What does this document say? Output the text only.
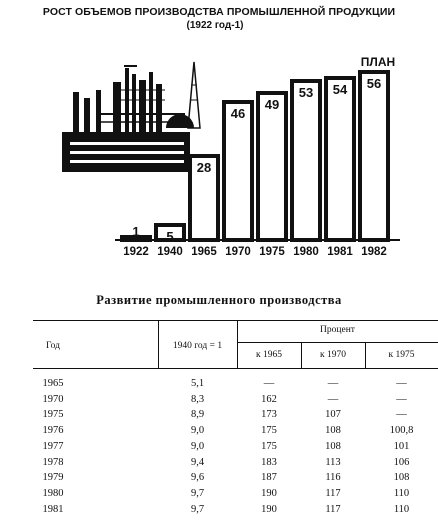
РОСТ ОБЪЕМОВ ПРОИЗВОДСТВА ПРОМЫШЛЕННОЙ ПРОДУКЦИИ
(1922 год-1)
1 5
28
46
49
53 54 56
1922 1940 1965 1970 1975 1980 1981 1982
ПЛАН
Развитие промышленного производства
Год	1940 год = 1
Процент
к 1965	к 1970	к 1975
1965	5,1	—	—	—
1970	8,3	162	—	—
1975	8,9	173	107	—
1976	9,0	175	108	100,8
1977	9,0	175	108	101
1978	9,4	183	113	106
1979	9,6	187	116	108
1980	9,7	190	117	110
1981	9,7	190	117	110
